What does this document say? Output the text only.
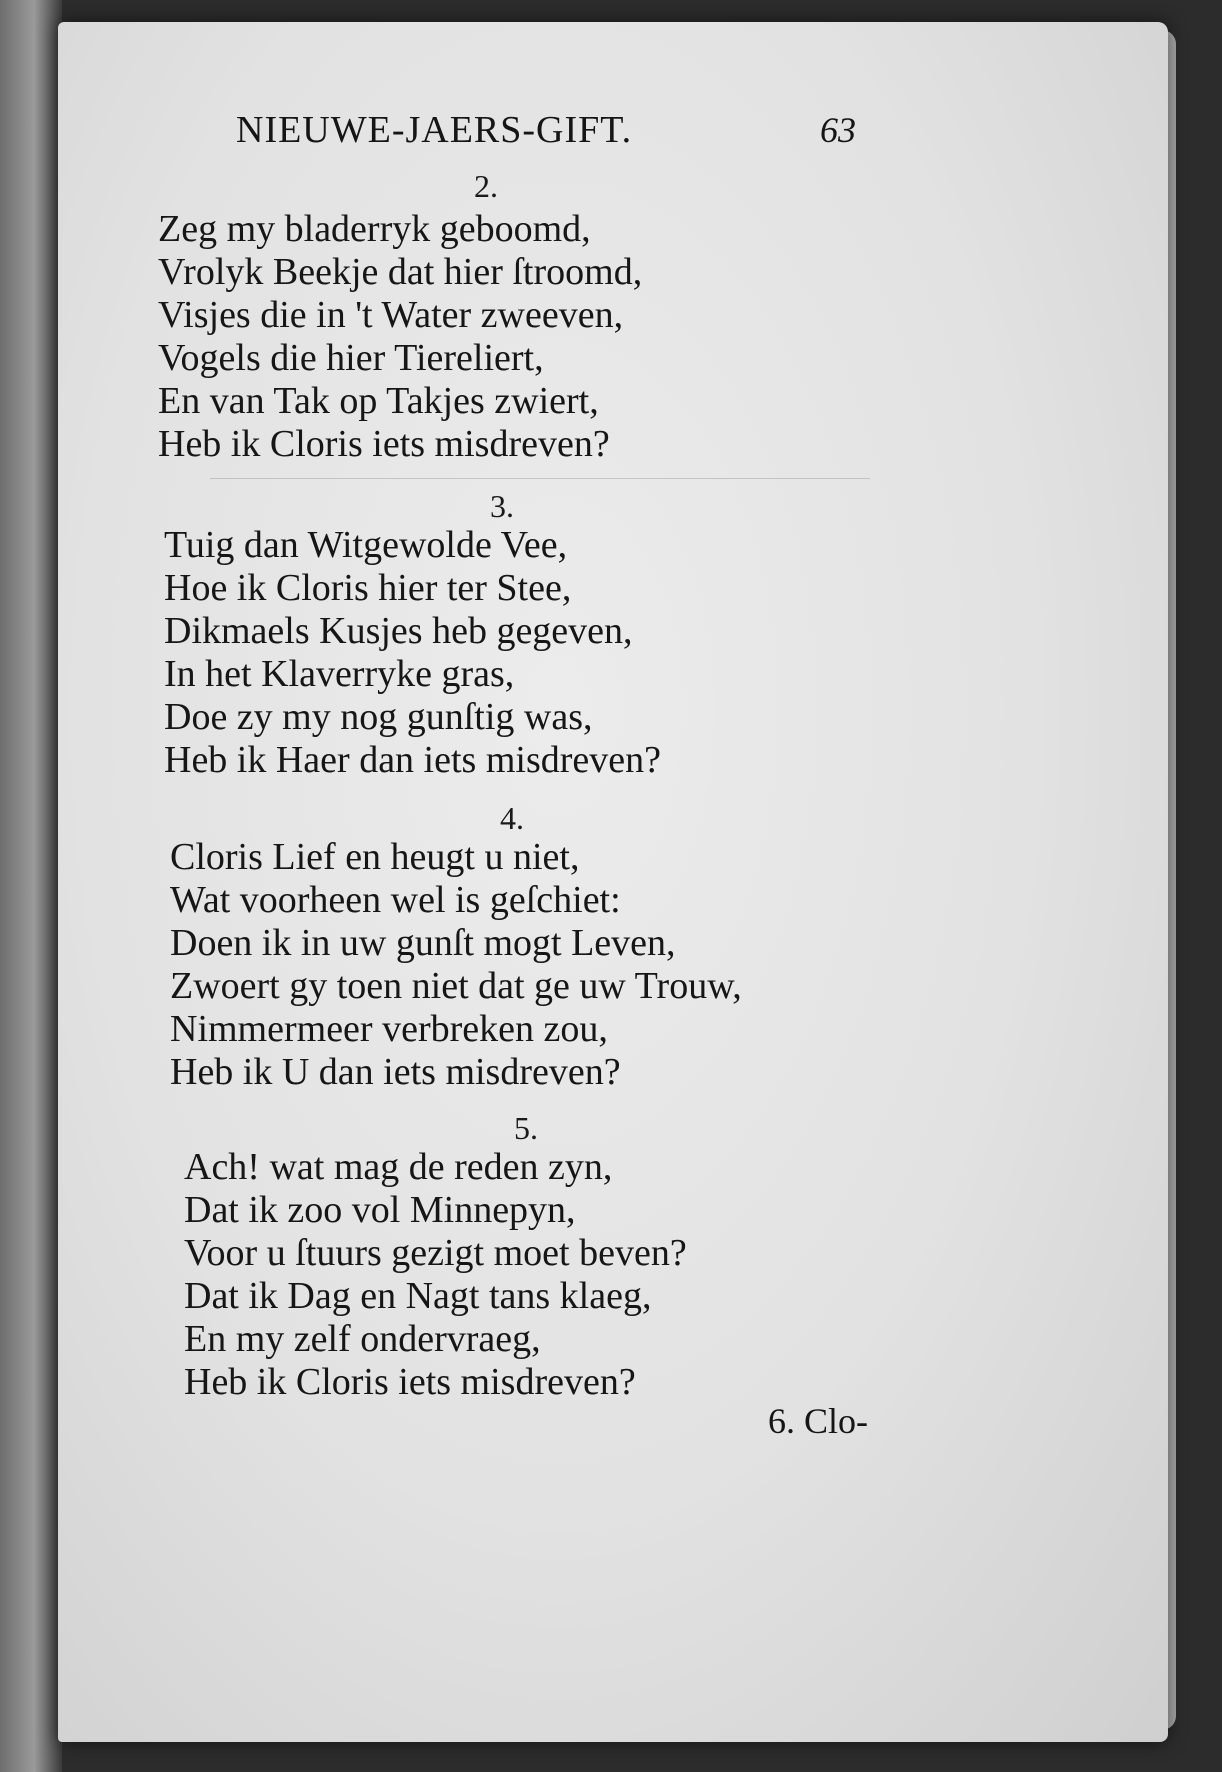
NIEUWE-JAERS-GIFT.	63
2.
Zeg my bladerryk geboomd,
Vrolyk Beekje dat hier ſtroomd,
Visjes die in 't Water zweeven,
Vogels die hier Tiereliert,
En van Tak op Takjes zwiert,
Heb ik Cloris iets misdreven?
3.
Tuig dan Witgewolde Vee,
Hoe ik Cloris hier ter Stee,
Dikmaels Kusjes heb gegeven,
In het Klaverryke gras,
Doe zy my nog gunſtig was,
Heb ik Haer dan iets misdreven?
4.
Cloris Lief en heugt u niet,
Wat voorheen wel is geſchiet:
Doen ik in uw gunſt mogt Leven,
Zwoert gy toen niet dat ge uw Trouw,
Nimmermeer verbreken zou,
Heb ik U dan iets misdreven?
5.
Ach! wat mag de reden zyn,
Dat ik zoo vol Minnepyn,
Voor u ſtuurs gezigt moet beven?
Dat ik Dag en Nagt tans klaeg,
En my zelf ondervraeg,
Heb ik Cloris iets misdreven?
6. Clo-
